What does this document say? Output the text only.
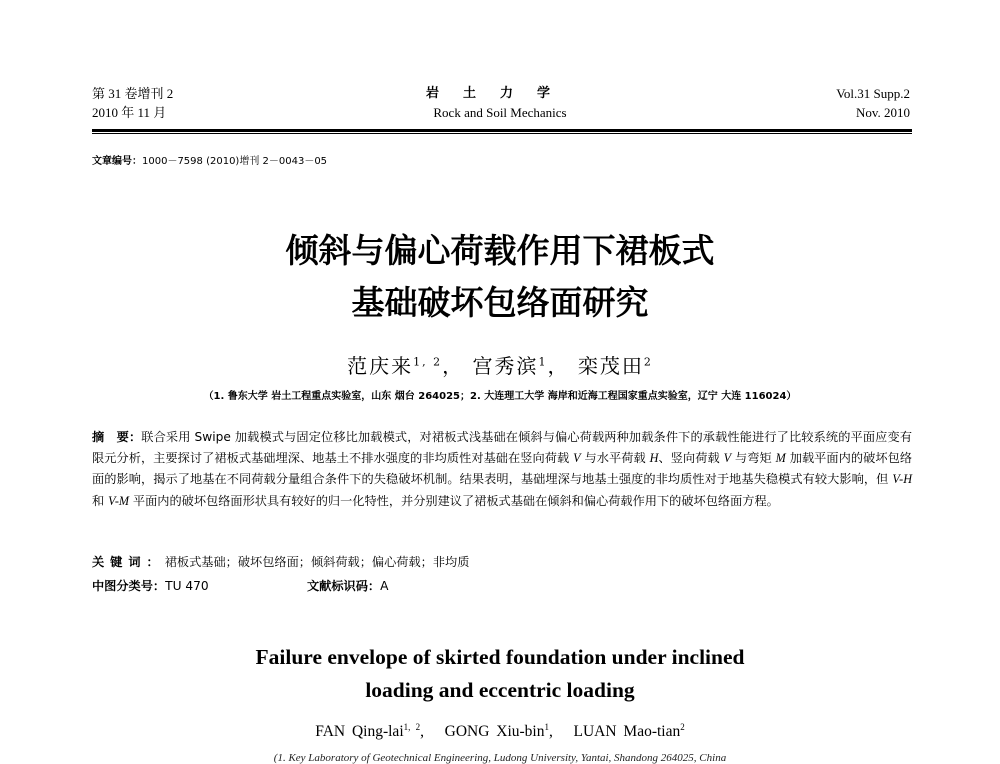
第 31 卷增刊 2
2010 年 11 月
岩土力学
Rock and Soil Mechanics
Vol.31 Supp.2
Nov. 2010
文章编号：1000－7598 (2010)增刊 2－0043－05
倾斜与偏心荷载作用下裙板式
基础破坏包络面研究
范庆来$^{1, 2}$， 宫秀滨$^1$， 栾茂田$^2$
（1. 鲁东大学 岩土工程重点实验室，山东 烟台 264025；2. 大连理工大学 海岸和近海工程国家重点实验室，辽宁 大连 116024）
摘　要：联合采用 Swipe 加载模式与固定位移比加载模式，对裙板式浅基础在倾斜与偏心荷载两种加载条件下的承载性能进行了比较系统的平面应变有限元分析，主要探讨了裙板式基础埋深、地基土不排水强度的非均质性对基础在竖向荷载 V 与水平荷载 H、竖向荷载 V 与弯矩 M 加载平面内的破坏包络面的影响，揭示了地基在不同荷载分量组合条件下的失稳破坏机制。结果表明，基础埋深与地基土强度的非均质性对于地基失稳模式有较大影响，但 V-H 和 V-M 平面内的破坏包络面形状具有较好的归一化特性，并分别建议了裙板式基础在倾斜和偏心荷载作用下的破坏包络面方程。
关键词：裙板式基础；破坏包络面；倾斜荷载；偏心荷载；非均质
中图分类号：TU 470	文献标识码：A
Failure envelope of skirted foundation under inclined
loading and eccentric loading
FAN Qing-lai$^{1, 2}$,   GONG Xiu-bin$^1$,   LUAN Mao-tian$^2$
(1. Key Laboratory of Geotechnical Engineering, Ludong University, Yantai, Shandong 264025, China
